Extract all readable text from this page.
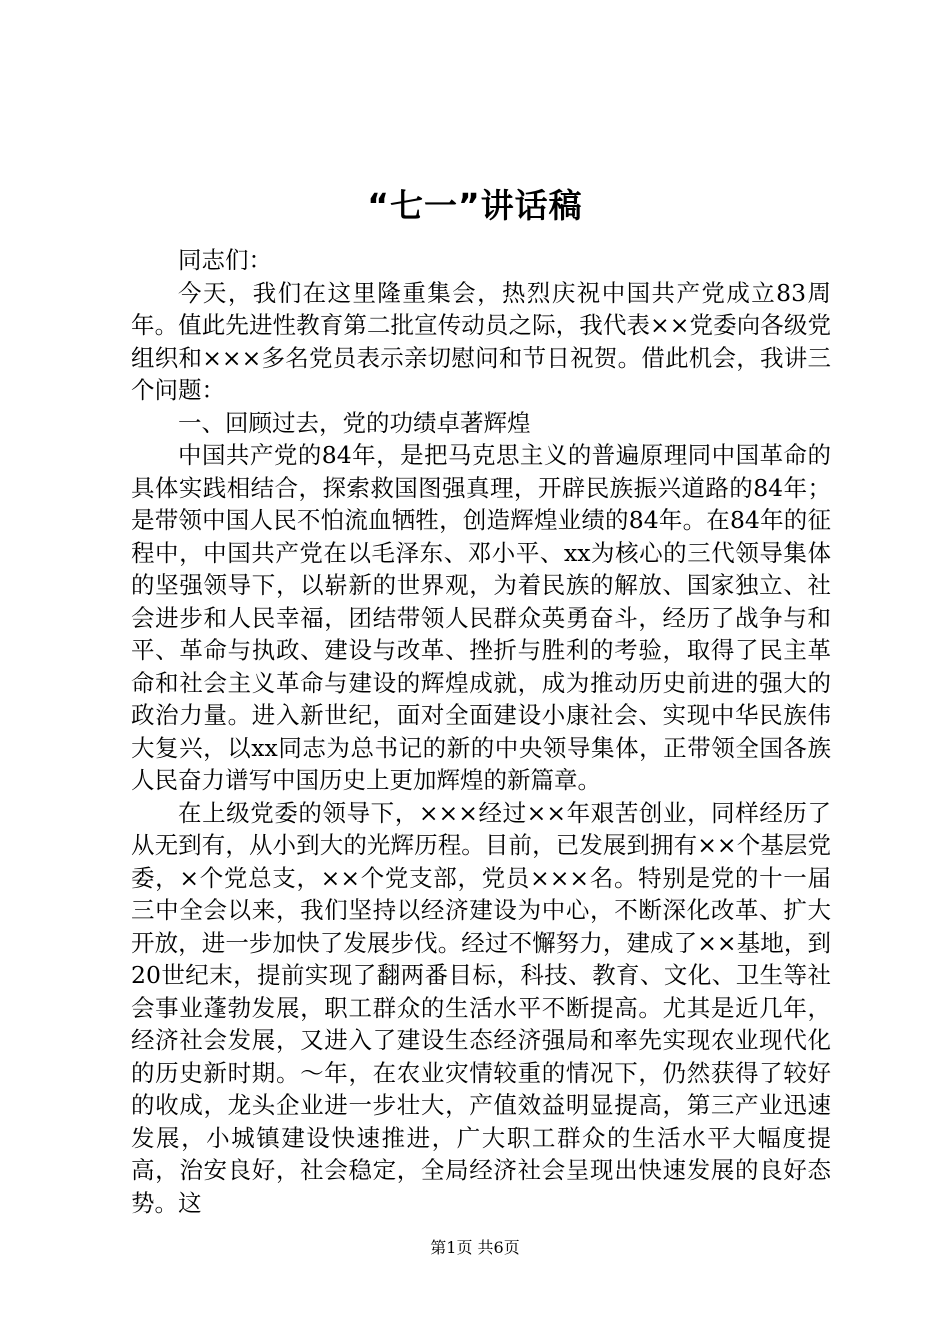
“七一”讲话稿

同志们：

今天，我们在这里隆重集会，热烈庆祝中国共产党成立83周年。值此先进性教育第二批宣传动员之际，我代表××党委向各级党组织和×××多名党员表示亲切慰问和节日祝贺。借此机会，我讲三个问题：

一、回顾过去，党的功绩卓著辉煌

中国共产党的84年，是把马克思主义的普遍原理同中国革命的具体实践相结合，探索救国图强真理，开辟民族振兴道路的84年；是带领中国人民不怕流血牺牲，创造辉煌业绩的84年。在84年的征程中，中国共产党在以毛泽东、邓小平、xx为核心的三代领导集体的坚强领导下，以崭新的世界观，为着民族的解放、国家独立、社会进步和人民幸福，团结带领人民群众英勇奋斗，经历了战争与和平、革命与执政、建设与改革、挫折与胜利的考验，取得了民主革命和社会主义革命与建设的辉煌成就，成为推动历史前进的强大的政治力量。进入新世纪，面对全面建设小康社会、实现中华民族伟大复兴，以xx同志为总书记的新的中央领导集体，正带领全国各族人民奋力谱写中国历史上更加辉煌的新篇章。

在上级党委的领导下，×××经过××年艰苦创业，同样经历了从无到有，从小到大的光辉历程。目前，已发展到拥有××个基层党委，×个党总支，××个党支部，党员×××名。特别是党的十一届三中全会以来，我们坚持以经济建设为中心，不断深化改革、扩大开放，进一步加快了发展步伐。经过不懈努力，建成了××基地，到20世纪末，提前实现了翻两番目标，科技、教育、文化、卫生等社会事业蓬勃发展，职工群众的生活水平不断提高。尤其是近几年，经济社会发展，又进入了建设生态经济强局和率先实现农业现代化的历史新时期。～年，在农业灾情较重的情况下，仍然获得了较好的收成，龙头企业进一步壮大，产值效益明显提高，第三产业迅速发展，小城镇建设快速推进，广大职工群众的生活水平大幅度提高，治安良好，社会稳定，全局经济社会呈现出快速发展的良好态势。这

第1页 共6页
